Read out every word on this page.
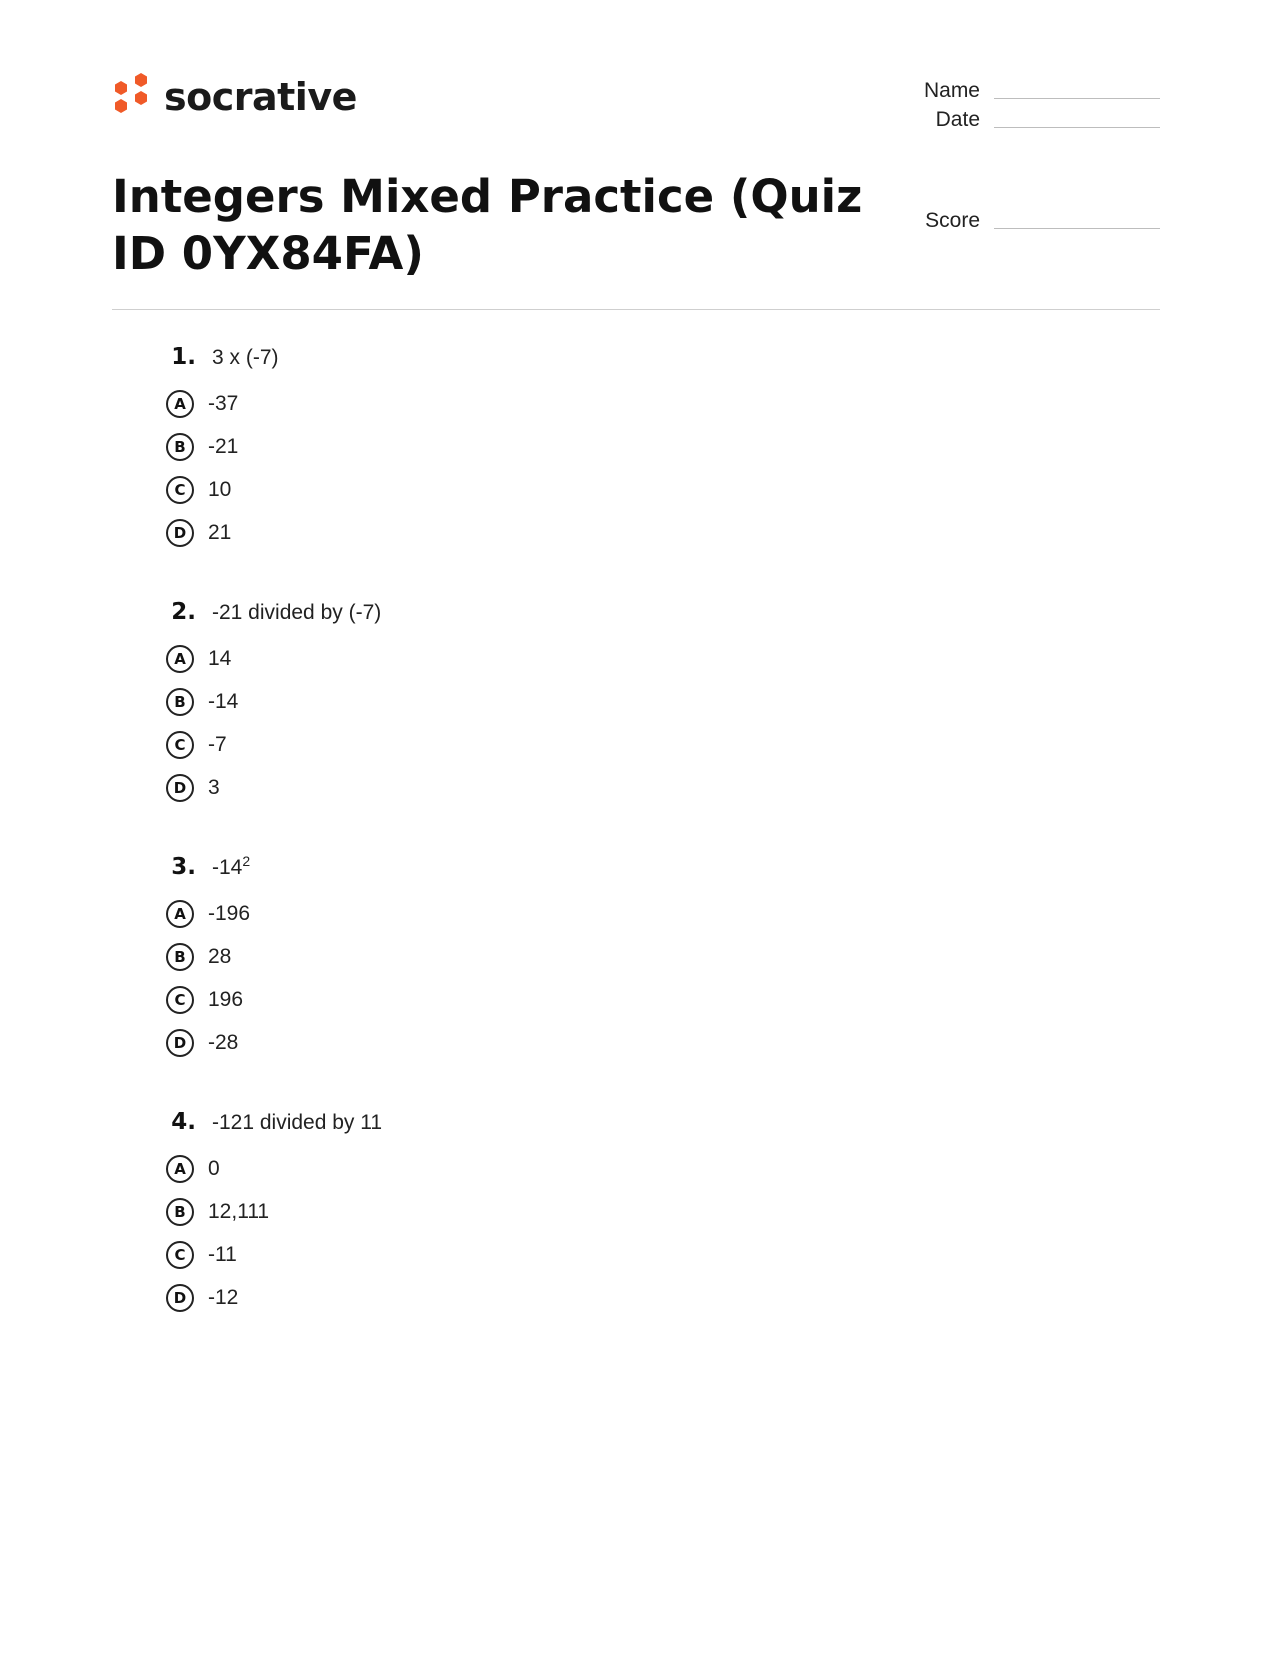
socrative	Name
Date
Score
Integers Mixed Practice (Quiz ID 0YX84FA)
1. 3 x (-7)
A	-37
B	-21
C	10
D	21
2. -21 divided by (-7)
A	14
B	-14
C	-7
D	3
3. $-14^2$
A	-196
B	28
C	196
D	-28
4. -121 divided by 11
A	0
B	12,111
C	-11
D	-12
